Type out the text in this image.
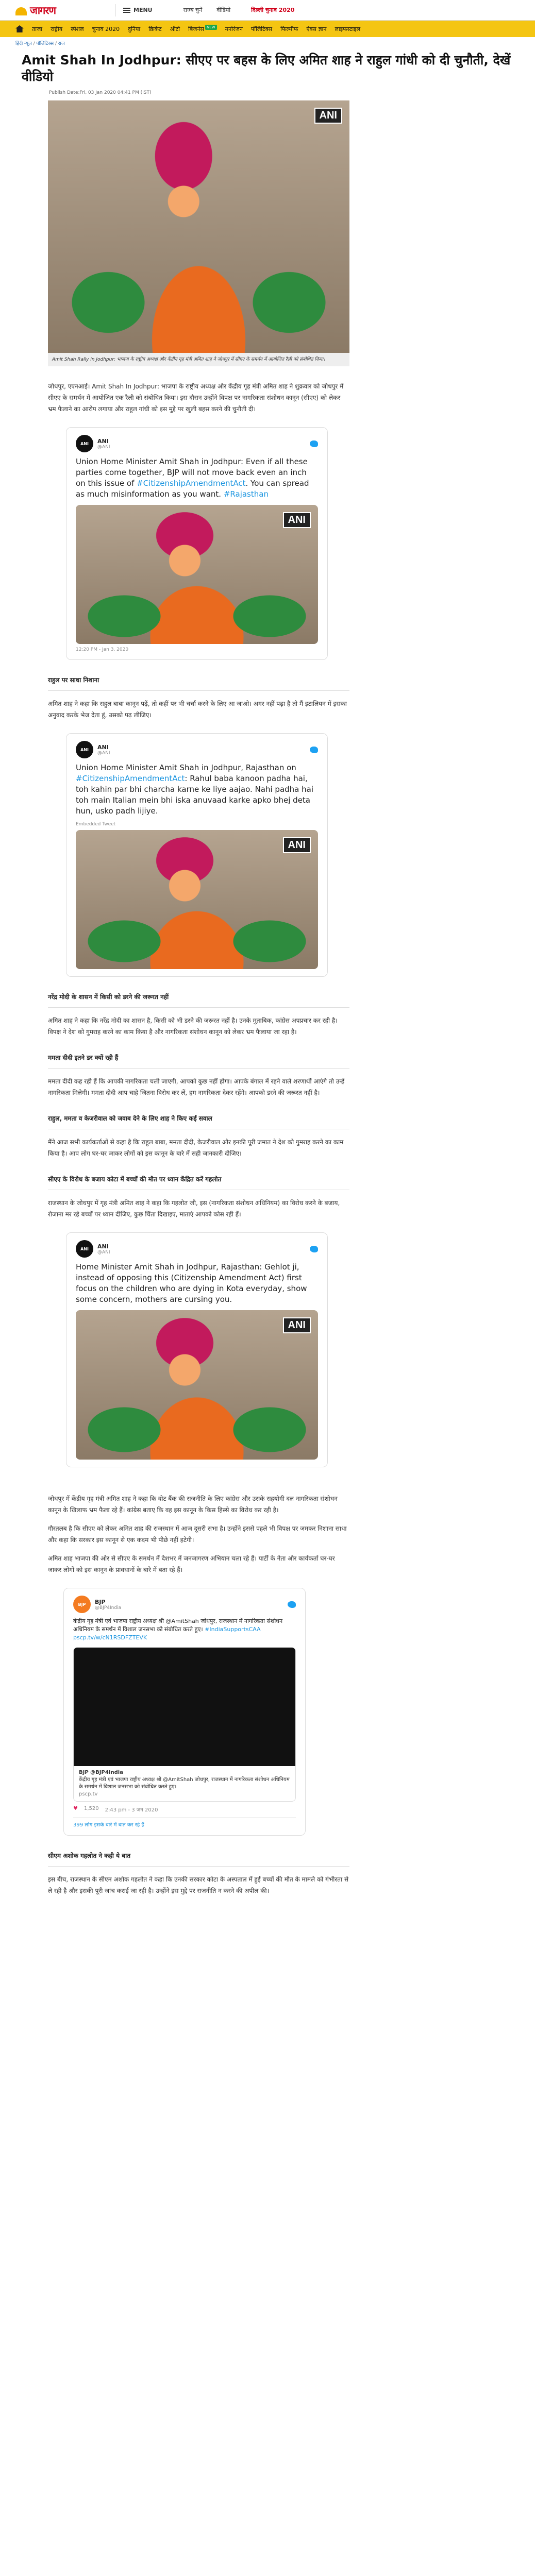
जागरण	MENU	राज्य चुनें	वीडियो	दिल्ली चुनाव 2020
ताजा राष्ट्रीय स्पेशल चुनाव 2020 दुनिया क्रिकेट ऑटो बिजनेस $^{NEW}$ मनोरंजन पॉलिटिक्स फिल्मीफ ऐक्स ज्ञान लाइफस्टाइल
हिंदी न्यूज़ / पॉलिटिक्स / राज
Amit Shah In Jodhpur: सीएए पर बहस के लिए अमित शाह ने राहुल गांधी को दी चुनौती, देखें वीडियो
Publish Date:Fri, 03 Jan 2020 04:41 PM (IST)
ANI
Amit Shah Rally in Jodhpur: भाजपा के राष्ट्रीय अध्यक्ष और केंद्रीय गृह मंत्री अमित शाह ने जोधपुर में सीएए के समर्थन में आयोजित रैली को संबोधित किया।

जोधपुर, एएनआई। Amit Shah In Jodhpur: भाजपा के राष्ट्रीय अध्यक्ष और केंद्रीय गृह मंत्री अमित शाह ने शुक्रवार को जोधपुर में सीएए के समर्थन में आयोजित एक रैली को संबोधित किया। इस दौरान उन्होंने विपक्ष पर नागरिकता संशोधन कानून (सीएए) को लेकर भ्रम फैलाने का आरोप लगाया और राहुल गांधी को इस मुद्दे पर खुली बहस करने की चुनौती दी।

ANI	ANI
@ANI
Union Home Minister Amit Shah in Jodhpur: Even if all these parties come together, BJP will not move back even an inch on this issue of #CitizenshipAmendmentAct. You can spread as much misinformation as you want. #Rajasthan
ANI
12:20 PM - Jan 3, 2020
राहुल पर साधा निशाना

अमित शाह ने कहा कि राहुल बाबा कानून पढ़ें, तो कहीं पर भी चर्चा करने के लिए आ जाओ। अगर नहीं पढ़ा है तो मैं इटालियन में इसका अनुवाद करके भेज देता हूं, उसको पढ़ लीजिए।

ANI	ANI
@ANI
Union Home Minister Amit Shah in Jodhpur, Rajasthan on #CitizenshipAmendmentAct: Rahul baba kanoon padha hai, toh kahin par bhi charcha karne ke liye aajao. Nahi padha hai toh main Italian mein bhi iska anuvaad karke apko bhej deta hun, usko padh lijiye.
Embedded Tweet
ANI
नरेंद्र मोदी के शासन में किसी को डरने की जरूरत नहीं

अमित शाह ने कहा कि नरेंद्र मोदी का शासन है, किसी को भी डरने की जरूरत नहीं है। उनके मुताबिक, कांग्रेस अपप्रचार कर रही है। विपक्ष ने देश को गुमराह करने का काम किया है और नागरिकता संशोधन कानून को लेकर भ्रम फैलाया जा रहा है।

ममता दीदी इतने डर क्यों रही हैं

ममता दीदी कह रही हैं कि आपकी नागरिकता चली जाएगी, आपको कुछ नहीं होगा। आपके बंगाल में रहने वाले शरणार्थी आएंगे तो उन्हें नागरिकता मिलेगी। ममता दीदी आप चाहे जितना विरोध कर लें, हम नागरिकता देकर रहेंगे। आपको डरने की जरूरत नहीं है।

राहुल, ममता व केजरीवाल को जवाब देने के लिए शाह ने किए कई सवाल

मैंने आज सभी कार्यकर्ताओं से कहा है कि राहुल बाबा, ममता दीदी, केजरीवाल और इनकी पूरी जमात ने देश को गुमराह करने का काम किया है। आप लोग घर-घर जाकर लोगों को इस कानून के बारे में सही जानकारी दीजिए।

सीएए के विरोध के बजाय कोटा में बच्चों की मौत पर ध्यान केंद्रित करें गहलोत

राजस्थान के जोधपुर में गृह मंत्री अमित शाह ने कहा कि गहलोत जी, इस (नागरिकता संशोधन अधिनियम) का विरोध करने के बजाय, रोजाना मर रहे बच्चों पर ध्यान दीजिए, कुछ चिंता दिखाइए, माताएं आपको कोस रही हैं।

ANI	ANI
@ANI
Home Minister Amit Shah in Jodhpur, Rajasthan: Gehlot ji, instead of opposing this (Citizenship Amendment Act) first focus on the children who are dying in Kota everyday, show some concern, mothers are cursing you.
ANI

जोधपुर में केंद्रीय गृह मंत्री अमित शाह ने कहा कि वोट बैंक की राजनीति के लिए कांग्रेस और उसके सहयोगी दल नागरिकता संशोधन कानून के खिलाफ भ्रम फैला रहे हैं। कांग्रेस बताए कि वह इस कानून के किस हिस्से का विरोध कर रही है।

गौरतलब है कि सीएए को लेकर अमित शाह की राजस्थान में आज दूसरी सभा है। उन्होंने इससे पहले भी विपक्ष पर जमकर निशाना साधा और कहा कि सरकार इस कानून से एक कदम भी पीछे नहीं हटेगी।

अमित शाह भाजपा की ओर से सीएए के समर्थन में देशभर में जनजागरण अभियान चला रहे हैं। पार्टी के नेता और कार्यकर्ता घर-घर जाकर लोगों को इस कानून के प्रावधानों के बारे में बता रहे हैं।

BJP	BJP
@BJP4India
केंद्रीय गृह मंत्री एवं भाजपा राष्ट्रीय अध्यक्ष श्री @AmitShah जोधपुर, राजस्थान में नागरिकता संशोधन अधिनियम के समर्थन में विशाल जनसभा को संबोधित करते हुए। #IndiaSupportsCAA pscp.tv/w/cN1RSDFZTEVK
BJP @BJP4India
केंद्रीय गृह मंत्री एवं भाजपा राष्ट्रीय अध्यक्ष श्री @AmitShah जोधपुर, राजस्थान में नागरिकता संशोधन अधिनियम के समर्थन में विशाल जनसभा को संबोधित करते हुए।
pscp.tv
♥ 1,520 2:43 pm - 3 जन 2020
399 लोग इसके बारे में बात कर रहे हैं
सीएम अशोक गहलोत ने कही ये बात

इस बीच, राजस्थान के सीएम अशोक गहलोत ने कहा कि उनकी सरकार कोटा के अस्पताल में हुई बच्चों की मौत के मामले को गंभीरता से ले रही है और इसकी पूरी जांच कराई जा रही है। उन्होंने इस मुद्दे पर राजनीति न करने की अपील की।
